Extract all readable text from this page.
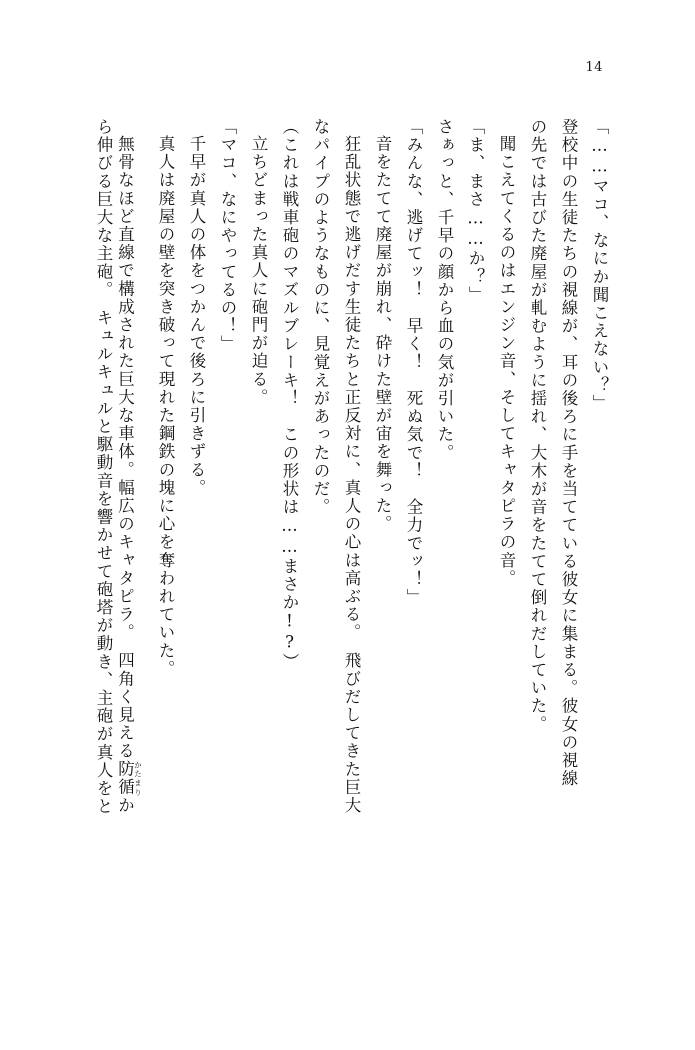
14
「……マコ、なにか聞こえない？」
登校中の生徒たちの視線が、耳の後ろに手を当てている彼女に集まる。彼女の視線
の先では古びた廃屋が軋むように揺れ、大木が音をたてて倒れだしていた。
聞こえてくるのはエンジン音、そしてキャタピラの音。
「ま、まさ……か？」
さぁっと、千早の顔から血の気が引いた。
「みんな、逃げてッ！　早く！　死ぬ気で！　全力でッ！」
音をたてて廃屋が崩れ、砕けた壁が宙を舞った。
狂乱状態で逃げだす生徒たちと正反対に、真人の心は高ぶる。　飛びだしてきた巨大
なパイプのようなものに、見覚えがあったのだ。
（これは戦車砲のマズルブレーキ！　この形状は……まさか!?）
立ちどまった真人に砲門が迫る。
「マコ、なにやってるの！」
千早が真人の体をつかんで後ろに引きずる。
真人は廃屋の壁を突き破って現れた鋼鉄の塊に心を奪われていた。
無骨なほど直線で構成された巨大な車体。幅広のキャタピラ。　四角く見える防循 かたまりか
ら伸びる巨大な主砲。　キュルキュルと駆動音を響かせて砲塔が動き、主砲が真人をと
